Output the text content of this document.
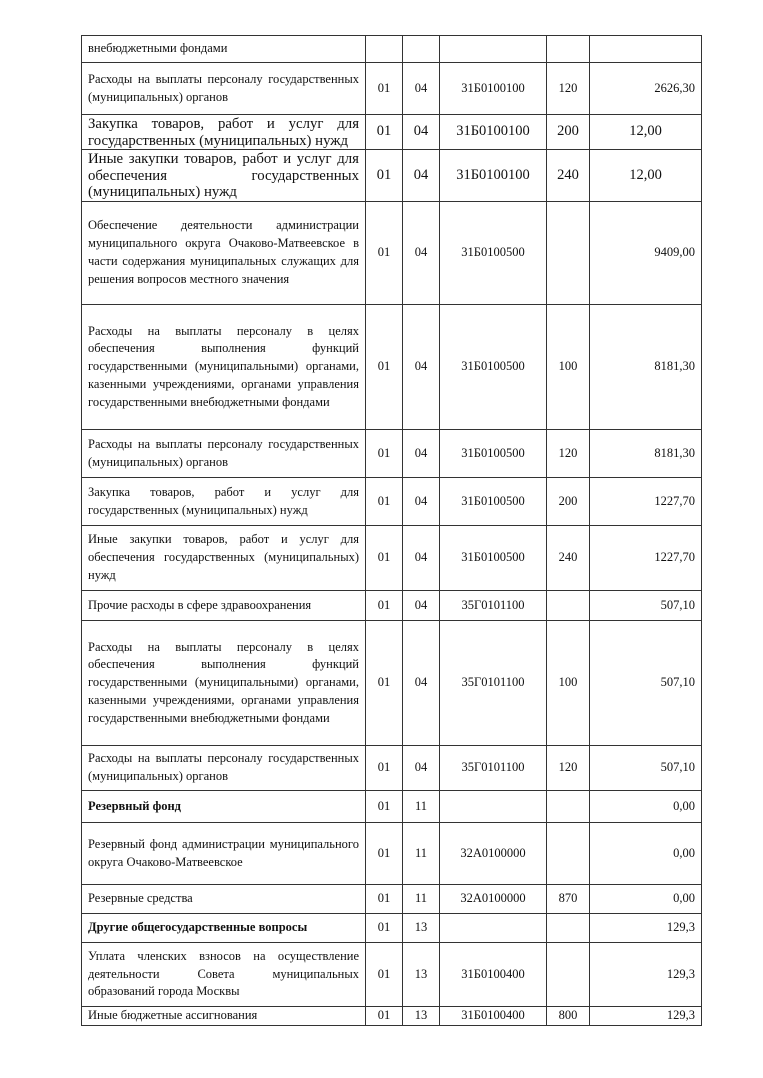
внебюджетными фондами					
Расходы на выплаты персоналу государственных (муниципальных) органов	01	04	31Б0100100	120	2626,30
Закупка товаров, работ и услуг для государственных (муниципальных) нужд	01	04	31Б0100100	200	12,00
Иные закупки товаров, работ и услуг для обеспечения государственных (муниципальных) нужд	01	04	31Б0100100	240	12,00
Обеспечение деятельности администрации муниципального округа Очаково-Матвеевское в части содержания муниципальных служащих для решения вопросов местного значения	01	04	31Б0100500		9409,00
Расходы на выплаты персоналу в целях обеспечения выполнения функций государственными (муниципальными) органами, казенными учреждениями, органами управления государственными внебюджетными фондами	01	04	31Б0100500	100	8181,30
Расходы на выплаты персоналу государственных (муниципальных) органов	01	04	31Б0100500	120	8181,30
Закупка товаров, работ и услуг для государственных (муниципальных) нужд	01	04	31Б0100500	200	1227,70
Иные закупки товаров, работ и услуг для обеспечения государственных (муниципальных) нужд	01	04	31Б0100500	240	1227,70
Прочие расходы в сфере здравоохранения	01	04	35Г0101100		507,10
Расходы на выплаты персоналу в целях обеспечения выполнения функций государственными (муниципальными) органами, казенными учреждениями, органами управления государственными внебюджетными фондами	01	04	35Г0101100	100	507,10
Расходы на выплаты персоналу государственных (муниципальных) органов	01	04	35Г0101100	120	507,10
Резервный фонд	01	11			0,00
Резервный фонд администрации муниципального округа Очаково-Матвеевское	01	11	32А0100000		0,00
Резервные средства	01	11	32А0100000	870	0,00
Другие общегосударственные вопросы	01	13			129,3
Уплата членских взносов на осуществление деятельности Совета муниципальных образований города Москвы	01	13	31Б0100400		129,3
Иные бюджетные ассигнования	01	13	31Б0100400	800	129,3
